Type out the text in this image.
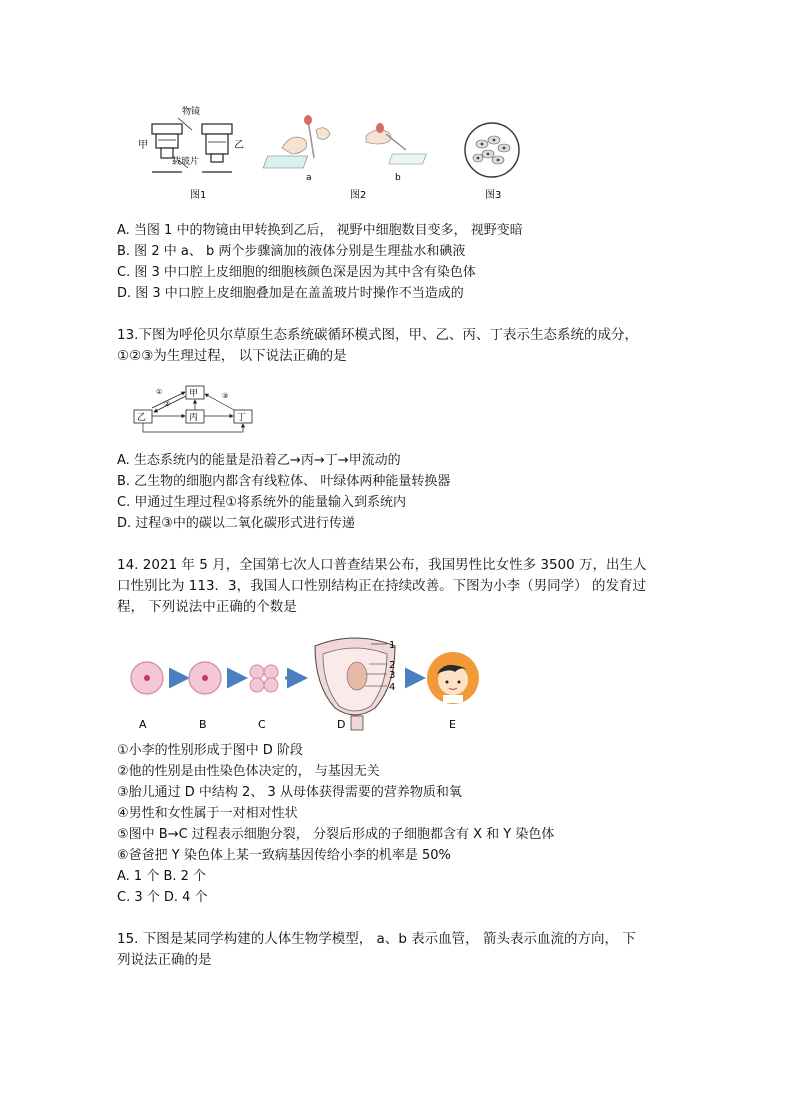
物镜
甲	乙
载玻片
图1
a	b
图2	图3
A. 当图 1 中的物镜由甲转换到乙后， 视野中细胞数目变多， 视野变暗
B. 图 2 中 a、 b 两个步骤滴加的液体分别是生理盐水和碘液
C. 图 3 中口腔上皮细胞的细胞核颜色深是因为其中含有染色体
D. 图 3 中口腔上皮细胞叠加是在盖盖玻片时操作不当造成的
13.下图为呼伦贝尔草原生态系统碳循环模式图，甲、乙、丙、丁表示生态系统的成分，
①②③为生理过程， 以下说法正确的是
甲
乙	丙	丁
①
②
③
A. 生态系统内的能量是沿着乙→丙→丁→甲流动的
B. 乙生物的细胞内都含有线粒体、 叶绿体两种能量转换器
C. 甲通过生理过程①将系统外的能量输入到系统内
D. 过程③中的碳以二氧化碳形式进行传递
14. 2021 年 5 月，全国第七次人口普查结果公布，我国男性比女性多 3500 万，出生人
口性别比为 113．3，我国人口性别结构正在持续改善。下图为小李（男同学） 的发育过
程， 下列说法中正确的个数是
1
2
3
4
A	B	C	D	E
①小李的性别形成于图中 D 阶段
②他的性别是由性染色体决定的， 与基因无关
③胎儿通过 D 中结构 2、 3 从母体获得需要的营养物质和氧
④男性和女性属于一对相对性状
⑤图中 B→C 过程表示细胞分裂， 分裂后形成的子细胞都含有 X 和 Y 染色体
⑥爸爸把 Y 染色体上某一致病基因传给小李的机率是 50%
A. 1 个 B. 2 个
C. 3 个 D. 4 个
15. 下图是某同学构建的人体生物学模型， a、b 表示血管， 箭头表示血流的方向， 下
列说法正确的是
